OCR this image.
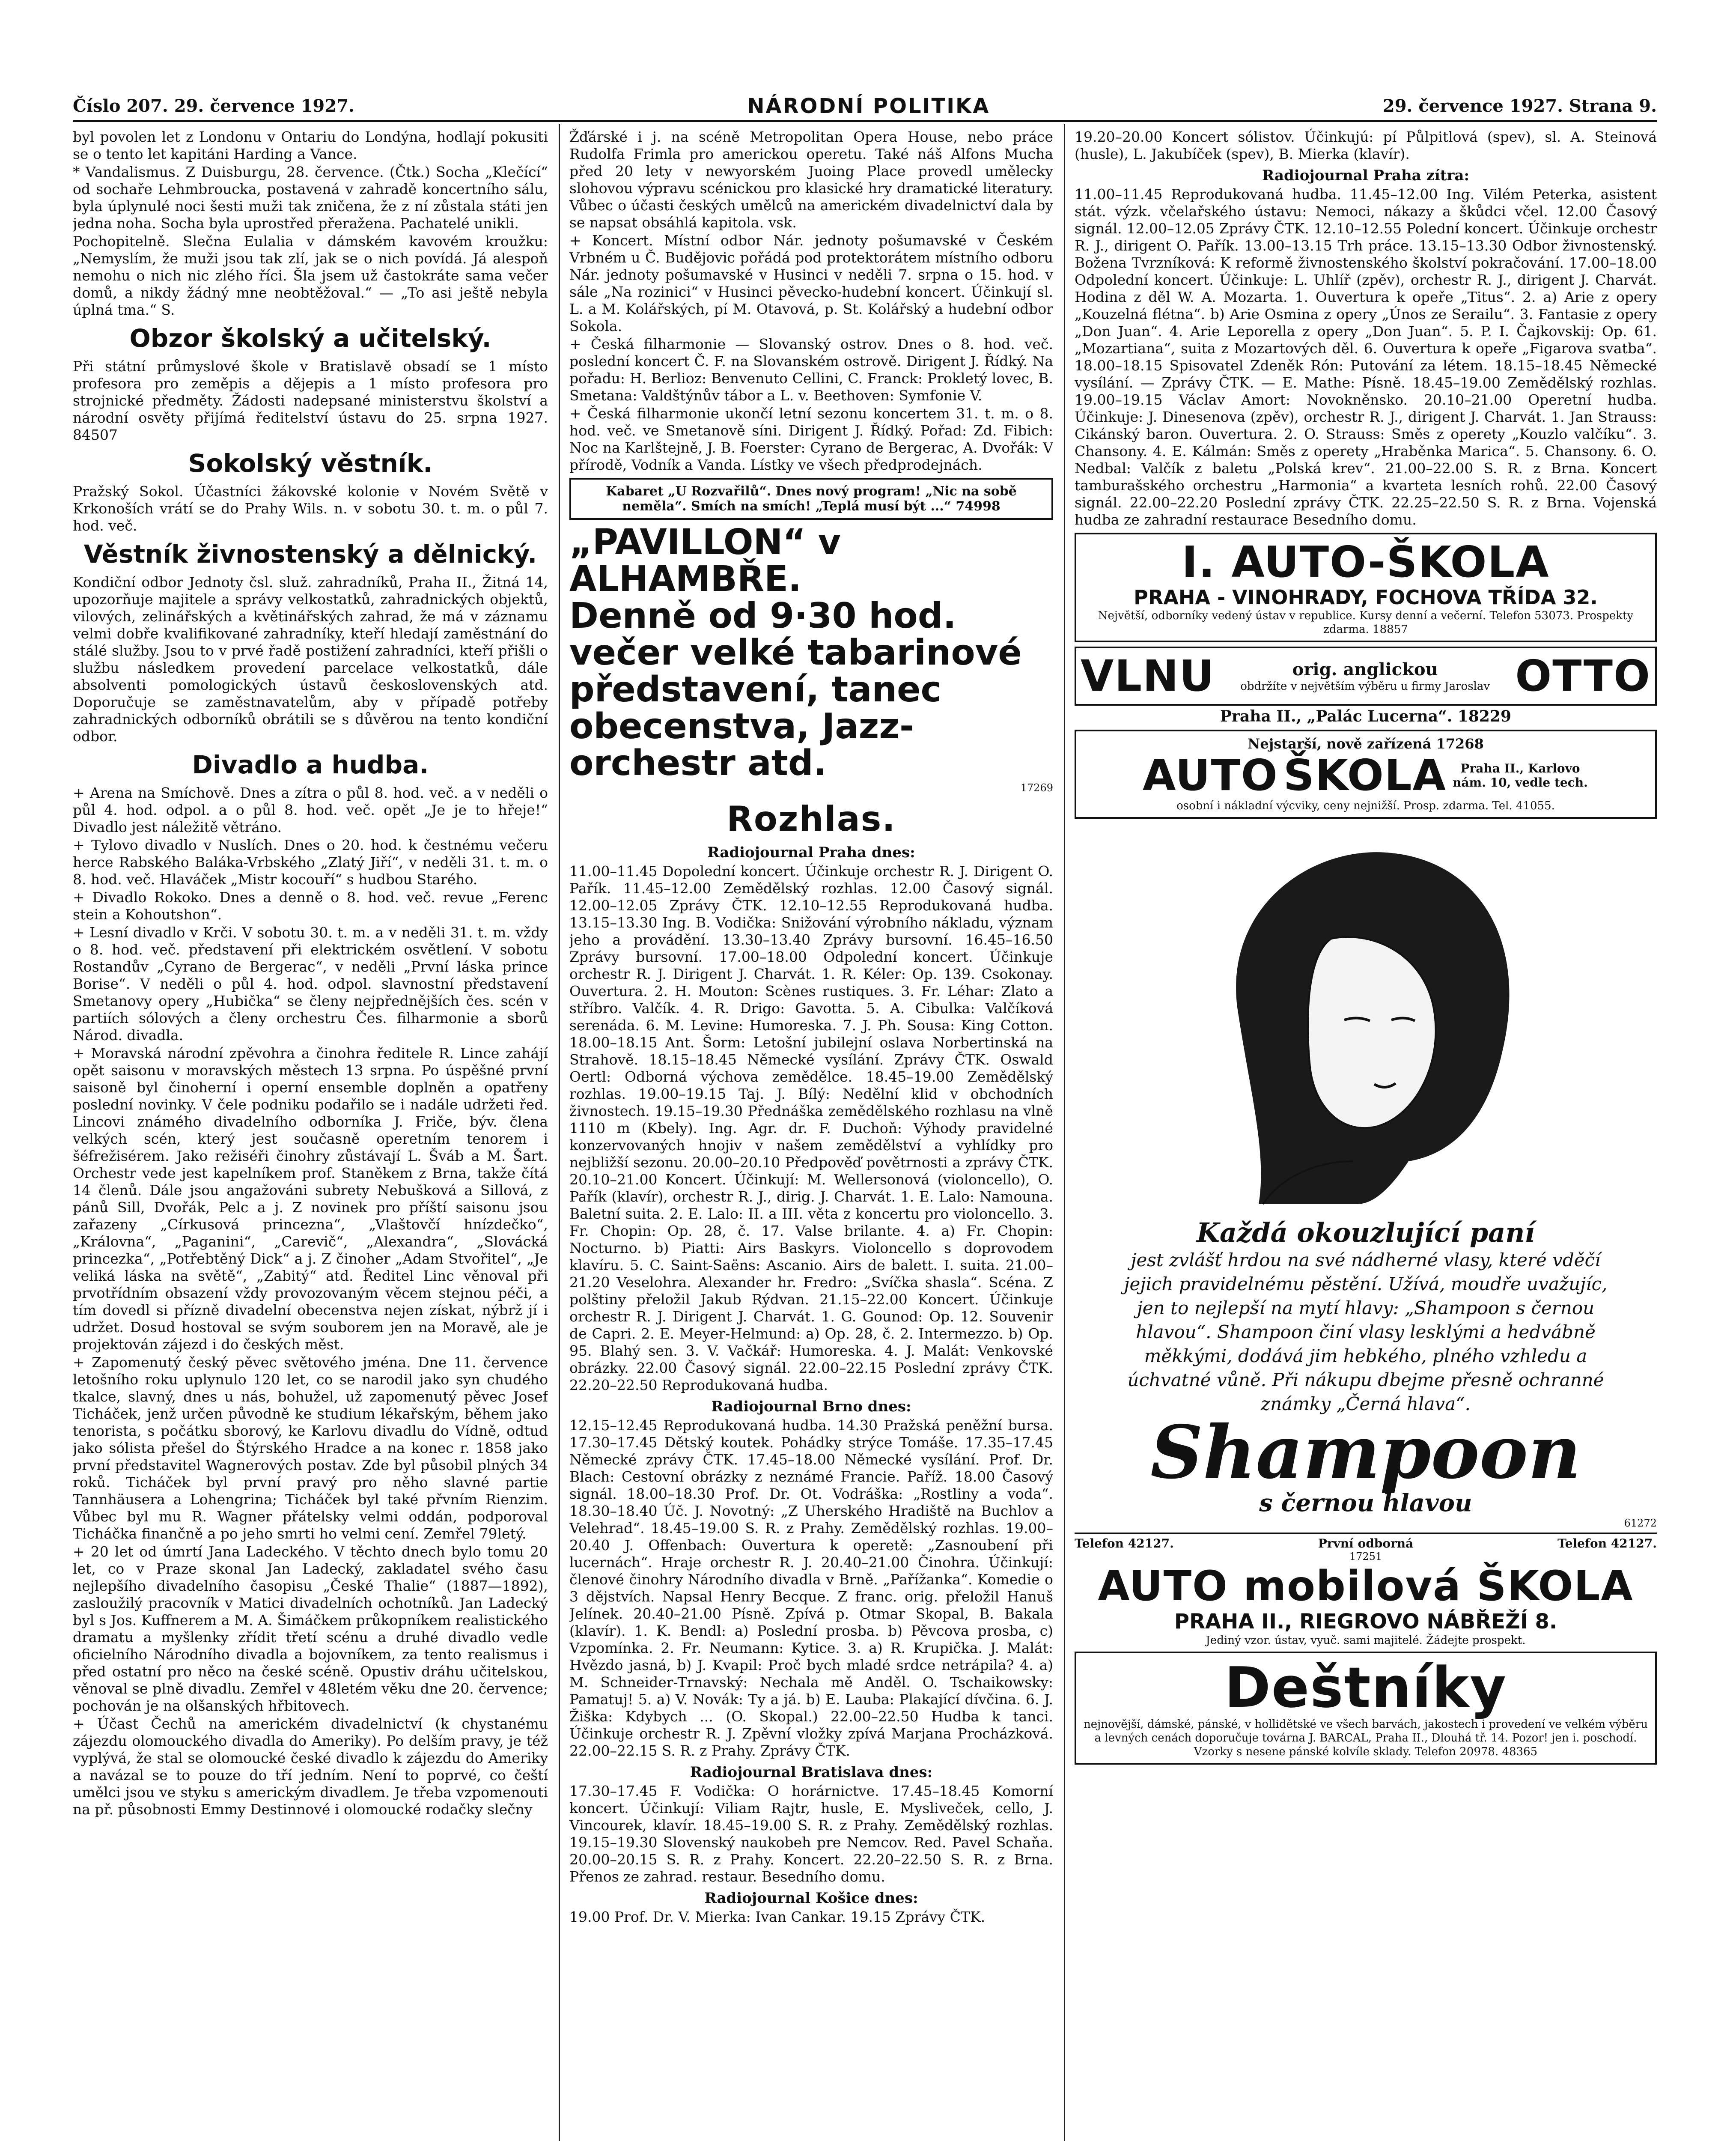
Číslo 207. 29. července 1927.	NÁRODNÍ POLITIKA	29. července 1927. Strana 9.

byl povolen let z Londonu v Ontariu do Londýna, hodlají pokusiti se o tento let kapitáni Harding a Vance.

* Vandalismus. Z Duisburgu, 28. července. (Čtk.) Socha „Klečící“ od sochaře Lehmbroucka, postavená v zahradě koncertního sálu, byla úplynulé noci šesti muži tak zničena, že z ní zůstala státi jen jedna noha. Socha byla uprostřed přeražena. Pachatelé unikli.

Pochopitelně. Slečna Eulalia v dámském kavovém kroužku: „Nemyslím, že muži jsou tak zlí, jak se o nich povídá. Já alespoň nemohu o nich nic zlého říci. Šla jsem už častokráte sama večer domů, a nikdy žádný mne neobtěžoval.“ — „To asi ještě nebyla úplná tma.“ S.

Obzor školský a učitelský.

Při státní průmyslové škole v Bratislavě obsadí se 1 místo profesora pro zeměpis a dějepis a 1 místo profesora pro strojnické předměty. Žádosti nadepsané ministerstvu školství a národní osvěty přijímá ředitelství ústavu do 25. srpna 1927. 84507

Sokolský věstník.

Pražský Sokol. Účastníci žákovské kolonie v Novém Světě v Krkonoších vrátí se do Prahy Wils. n. v sobotu 30. t. m. o půl 7. hod. več.

Věstník živnostenský a dělnický.

Kondiční odbor Jednoty čsl. služ. zahradníků, Praha II., Žitná 14, upozorňuje majitele a správy velkostatků, zahradnických objektů, vilových, zelinářských a květinářských zahrad, že má v záznamu velmi dobře kvalifikované zahradníky, kteří hledají zaměstnání do stálé služby. Jsou to v prvé řadě postižení zahradníci, kteří přišli o službu následkem provedení parcelace velkostatků, dále absolventi pomologických ústavů československých atd. Doporučuje se zaměstnavatelům, aby v případě potřeby zahradnických odborníků obrátili se s důvěrou na tento kondiční odbor.

Divadlo a hudba.

+ Arena na Smíchově. Dnes a zítra o půl 8. hod. več. a v neděli o půl 4. hod. odpol. a o půl 8. hod. več. opět „Je je to hřeje!“ Divadlo jest náležitě větráno.

+ Tylovo divadlo v Nuslích. Dnes o 20. hod. k čestnému večeru herce Rabského Baláka-Vrbského „Zlatý Jiří“, v neděli 31. t. m. o 8. hod. več. Hlaváček „Mistr kocouří“ s hudbou Starého.

+ Divadlo Rokoko. Dnes a denně o 8. hod. več. revue „Ferenc stein a Kohoutshon“.

+ Lesní divadlo v Krči. V sobotu 30. t. m. a v neděli 31. t. m. vždy o 8. hod. več. představení při elektrickém osvětlení. V sobotu Rostandův „Cyrano de Bergerac“, v neděli „První láska prince Borise“. V neděli o půl 4. hod. odpol. slavnostní představení Smetanovy opery „Hubička“ se členy nejpřednějších čes. scén v partiích sólových a členy orchestru Čes. filharmonie a sborů Národ. divadla.

+ Moravská národní zpěvohra a činohra ředitele R. Lince zahájí opět saisonu v moravských městech 13 srpna. Po úspěšné první saisoně byl činoherní i operní ensemble doplněn a opatřeny poslední novinky. V čele podniku podařilo se i nadále udržeti řed. Lincovi známého divadelního odborníka J. Friče, býv. člena velkých scén, který jest současně operetním tenorem i šéfrežisérem. Jako režiséři činohry zůstávají L. Šváb a M. Šart. Orchestr vede jest kapelníkem prof. Staněkem z Brna, takže čítá 14 členů. Dále jsou angažováni subrety Nebušková a Sillová, z pánů Sill, Dvořák, Pelc a j. Z novinek pro příští saisonu jsou zařazeny „Církusová princezna“, „Vlaštovčí hnízdečko“, „Královna“, „Paganini“, „Carevič“, „Alexandra“, „Slovácká princezka“, „Potřebtěný Dick“ a j. Z činoher „Adam Stvořitel“, „Je veliká láska na světě“, „Zabitý“ atd. Ředitel Linc věnoval při prvotřídním obsazení vždy provozovaným věcem stejnou péči, a tím dovedl si přízně divadelní obecenstva nejen získat, nýbrž jí i udržet. Dosud hostoval se svým souborem jen na Moravě, ale je projektován zájezd i do českých měst.

+ Zapomenutý český pěvec světového jména. Dne 11. července letošního roku uplynulo 120 let, co se narodil jako syn chudého tkalce, slavný, dnes u nás, bohužel, už zapomenutý pěvec Josef Ticháček, jenž určen původně ke studium lékařským, během jako tenorista, s počátku sborový, ke Karlovu divadlu do Vídně, odtud jako sólista přešel do Štýrského Hradce a na konec r. 1858 jako první představitel Wagnerových postav. Zde byl působil plných 34 roků. Ticháček byl první pravý pro něho slavné partie Tannhäusera a Lohengrina; Ticháček byl také přvním Rienzim. Vůbec byl mu R. Wagner přátelsky velmi oddán, podporoval Ticháčka finančně a po jeho smrti ho velmi cení. Zemřel 79letý.

+ 20 let od úmrtí Jana Ladeckého. V těchto dnech bylo tomu 20 let, co v Praze skonal Jan Ladecký, zakladatel svého času nejlepšího divadelního časopisu „České Thalie“ (1887—1892), zasloužilý pracovník v Matici divadelních ochotníků. Jan Ladecký byl s Jos. Kuffnerem a M. A. Šimáčkem průkopníkem realistického dramatu a myšlenky zřídit třetí scénu a druhé divadlo vedle oficielního Národního divadla a bojovníkem, za tento realismus i před ostatní pro něco na české scéně. Opustiv dráhu učitelskou, věnoval se plně divadlu. Zemřel v 48letém věku dne 20. července; pochován je na olšanských hřbitovech.

+ Účast Čechů na americkém divadelnictví (k chystanému zájezdu olomouckého divadla do Ameriky). Po delším pravy, je též vyplývá, že stal se olomoucké české divadlo k zájezdu do Ameriky a navázal se to pouze do tří jedním. Není to poprvé, co čeští umělci jsou ve styku s americkým divadlem. Je třeba vzpomenouti na př. působnosti Emmy Destinnové i olomoucké rodačky slečny

Žďárské i j. na scéně Metropolitan Opera House, nebo práce Rudolfa Frimla pro americkou operetu. Také náš Alfons Mucha před 20 lety v newyorském Juoing Place provedl umělecky slohovou výpravu scénickou pro klasické hry dramatické literatury. Vůbec o účasti českých umělců na americkém divadelnictví dala by se napsat obsáhlá kapitola. vsk.

+ Koncert. Místní odbor Nár. jednoty pošumavské v Českém Vrbném u Č. Budějovic pořádá pod protektorátem místního odboru Nár. jednoty pošumavské v Husinci v neděli 7. srpna o 15. hod. v sále „Na rozinici“ v Husinci pěvecko-hudební koncert. Účinkují sl. L. a M. Kolářských, pí M. Otavová, p. St. Kolářský a hudební odbor Sokola.

+ Česká filharmonie — Slovanský ostrov. Dnes o 8. hod. več. poslední koncert Č. F. na Slovanském ostrově. Dirigent J. Řídký. Na pořadu: H. Berlioz: Benvenuto Cellini, C. Franck: Prokletý lovec, B. Smetana: Valdštýnův tábor a L. v. Beethoven: Symfonie V.

+ Česká filharmonie ukončí letní sezonu koncertem 31. t. m. o 8. hod. več. ve Smetanově síni. Dirigent J. Řídký. Pořad: Zd. Fibich: Noc na Karlštejně, J. B. Foerster: Cyrano de Bergerac, A. Dvořák: V přírodě, Vodník a Vanda. Lístky ve všech předprodejnách.

Kabaret „U Rozvařilů“. Dnes nový program! „Nic na sobě neměla“. Smích na smích! „Teplá musí být ...“ 74998
„PAVILLON“ v ALHAMBŘE.
Denně od 9·30 hod. večer velké tabarinové představení, tanec obecenstva, Jazz-orchestr atd.
17269
Rozhlas.
Radiojournal Praha dnes:

11.00–11.45 Dopolední koncert. Účinkuje orchestr R. J. Dirigent O. Pařík. 11.45–12.00 Zemědělský rozhlas. 12.00 Časový signál. 12.00–12.05 Zprávy ČTK. 12.10–12.55 Reprodukovaná hudba. 13.15–13.30 Ing. B. Vodička: Snižování výrobního nákladu, význam jeho a provádění. 13.30–13.40 Zprávy bursovní. 16.45–16.50 Zprávy bursovní. 17.00–18.00 Odpolední koncert. Účinkuje orchestr R. J. Dirigent J. Charvát. 1. R. Kéler: Op. 139. Csokonay. Ouvertura. 2. H. Mouton: Scènes rustiques. 3. Fr. Léhar: Zlato a stříbro. Valčík. 4. R. Drigo: Gavotta. 5. A. Cibulka: Valčíková serenáda. 6. M. Levine: Humoreska. 7. J. Ph. Sousa: King Cotton. 18.00–18.15 Ant. Šorm: Letošní jubilejní oslava Norbertinská na Strahově. 18.15–18.45 Německé vysílání. Zprávy ČTK. Oswald Oertl: Odborná výchova zemědělce. 18.45–19.00 Zemědělský rozhlas. 19.00–19.15 Taj. J. Bílý: Nedělní klid v obchodních živnostech. 19.15–19.30 Přednáška zemědělského rozhlasu na vlně 1110 m (Kbely). Ing. Agr. dr. F. Duchoň: Výhody pravidelné konzervovaných hnojiv v našem zemědělství a vyhlídky pro nejbližší sezonu. 20.00–20.10 Předpověď povětrnosti a zprávy ČTK. 20.10–21.00 Koncert. Účinkují: M. Wellersonová (violoncello), O. Pařík (klavír), orchestr R. J., dirig. J. Charvát. 1. E. Lalo: Namouna. Baletní suita. 2. E. Lalo: II. a III. věta z koncertu pro violoncello. 3. Fr. Chopin: Op. 28, č. 17. Valse brilante. 4. a) Fr. Chopin: Nocturno. b) Piatti: Airs Baskyrs. Violoncello s doprovodem klavíru. 5. C. Saint-Saëns: Ascanio. Airs de balett. I. suita. 21.00–21.20 Veselohra. Alexander hr. Fredro: „Svíčka shasla“. Scéna. Z polštiny přeložil Jakub Rýdvan. 21.15–22.00 Koncert. Účinkuje orchestr R. J. Dirigent J. Charvát. 1. G. Gounod: Op. 12. Souvenir de Capri. 2. E. Meyer-Helmund: a) Op. 28, č. 2. Intermezzo. b) Op. 95. Blahý sen. 3. V. Vačkář: Humoreska. 4. J. Malát: Venkovské obrázky. 22.00 Časový signál. 22.00–22.15 Poslední zprávy ČTK. 22.20–22.50 Reprodukovaná hudba.

Radiojournal Brno dnes:

12.15–12.45 Reprodukovaná hudba. 14.30 Pražská peněžní bursa. 17.30–17.45 Dětský koutek. Pohádky strýce Tomáše. 17.35–17.45 Německé zprávy ČTK. 17.45–18.00 Německé vysílání. Prof. Dr. Blach: Cestovní obrázky z neznámé Francie. Paříž. 18.00 Časový signál. 18.00–18.30 Prof. Dr. Ot. Vodráška: „Rostliny a voda“. 18.30–18.40 Úč. J. Novotný: „Z Uherského Hradiště na Buchlov a Velehrad“. 18.45–19.00 S. R. z Prahy. Zemědělský rozhlas. 19.00–20.40 J. Offenbach: Ouvertura k operetě: „Zasnoubení při lucernách“. Hraje orchestr R. J. 20.40–21.00 Činohra. Účinkují: členové činohry Národního divadla v Brně. „Pařížanka“. Komedie o 3 dějstvích. Napsal Henry Becque. Z franc. orig. přeložil Hanuš Jelínek. 20.40–21.00 Písně. Zpívá p. Otmar Skopal, B. Bakala (klavír). 1. K. Bendl: a) Poslední prosba. b) Pěvcova prosba, c) Vzpomínka. 2. Fr. Neumann: Kytice. 3. a) R. Krupička. J. Malát: Hvězdo jasná, b) J. Kvapil: Proč bych mladé srdce netrápila? 4. a) M. Schneider-Trnavský: Nechala mě Anděl. O. Tschaikowsky: Pamatuj! 5. a) V. Novák: Ty a já. b) E. Lauba: Plakající dívčina. 6. J. Žiška: Kdybych ... (O. Skopal.) 22.00–22.50 Hudba k tanci. Účinkuje orchestr R. J. Zpěvní vložky zpívá Marjana Procházková. 22.00–22.15 S. R. z Prahy. Zprávy ČTK.

Radiojournal Bratislava dnes:

17.30–17.45 F. Vodička: O horárnictve. 17.45–18.45 Komorní koncert. Účinkují: Viliam Rajtr, husle, E. Mysliveček, cello, J. Vincourek, klavír. 18.45–19.00 S. R. z Prahy. Zemědělský rozhlas. 19.15–19.30 Slovenský naukobeh pre Nemcov. Red. Pavel Schaňa. 20.00–20.15 S. R. z Prahy. Koncert. 22.20–22.50 S. R. z Brna. Přenos ze zahrad. restaur. Besedního domu.

Radiojournal Košice dnes:

19.00 Prof. Dr. V. Mierka: Ivan Cankar. 19.15 Zprávy ČTK.

19.20–20.00 Koncert sólistov. Účinkujú: pí Půlpitlová (spev), sl. A. Steinová (husle), L. Jakubíček (spev), B. Mierka (klavír).

Radiojournal Praha zítra:

11.00–11.45 Reprodukovaná hudba. 11.45–12.00 Ing. Vilém Peterka, asistent stát. výzk. včelařského ústavu: Nemoci, nákazy a škůdci včel. 12.00 Časový signál. 12.00–12.05 Zprávy ČTK. 12.10–12.55 Polední koncert. Účinkuje orchestr R. J., dirigent O. Pařík. 13.00–13.15 Trh práce. 13.15–13.30 Odbor živnostenský. Božena Tvrzníková: K reformě živnostenského školství pokračování. 17.00–18.00 Odpolední koncert. Účinkuje: L. Uhlíř (zpěv), orchestr R. J., dirigent J. Charvát. Hodina z děl W. A. Mozarta. 1. Ouvertura k opeře „Titus“. 2. a) Arie z opery „Kouzelná flétna“. b) Arie Osmina z opery „Únos ze Serailu“. 3. Fantasie z opery „Don Juan“. 4. Arie Leporella z opery „Don Juan“. 5. P. I. Čajkovskij: Op. 61. „Mozartiana“, suita z Mozartových děl. 6. Ouvertura k opeře „Figarova svatba“. 18.00–18.15 Spisovatel Zdeněk Rón: Putování za létem. 18.15–18.45 Německé vysílání. — Zprávy ČTK. — E. Mathe: Písně. 18.45–19.00 Zemědělský rozhlas. 19.00–19.15 Václav Amort: Novokněnsko. 20.10–21.00 Operetní hudba. Účinkuje: J. Dinesenova (zpěv), orchestr R. J., dirigent J. Charvát. 1. Jan Strauss: Cikánský baron. Ouvertura. 2. O. Strauss: Směs z operety „Kouzlo valčíku“. 3. Chansony. 4. E. Kálmán: Směs z operety „Hraběnka Marica“. 5. Chansony. 6. O. Nedbal: Valčík z baletu „Polská krev“. 21.00–22.00 S. R. z Brna. Koncert tamburašského orchestru „Harmonia“ a kvarteta lesních rohů. 22.00 Časový signál. 22.00–22.20 Poslední zprávy ČTK. 22.25–22.50 S. R. z Brna. Vojenská hudba ze zahradní restaurace Besedního domu.

I. AUTO-ŠKOLA
PRAHA - VINOHRADY, FOCHOVA TŘÍDA 32.
Největší, odborníky vedený ústav v republice. Kursy denní a večerní. Telefon 53073. Prospekty zdarma. 18857
VLNU	orig. anglickou
obdržíte v největším výběru u firmy Jaroslav OTTO
Praha II., „Palác Lucerna“. 18229
Nejstarší, nově zařízená 17268
AUTO ŠKOLA	Praha II., Karlovo nám. 10, vedle tech.
osobní i nákladní výcviky, ceny nejnižší. Prosp. zdarma. Tel. 41055.
Každá okouzlující paní
jest zvlášť hrdou na své nádherné vlasy, které vděčí jejich pravidelnému pěstění. Užívá, moudře uvažujíc, jen to nejlepší na mytí hlavy: „Shampoon s černou hlavou“. Shampoon činí vlasy lesklými a hedvábně měkkými, dodává jim hebkého, plného vzhledu a úchvatné vůně. Při nákupu dbejme přesně ochranné známky „Černá hlava“.
Shampoon
s černou hlavou
61272
Telefon 42127.	První odborná	Telefon 42127.
17251
AUTO mobilová ŠKOLA
PRAHA II., RIEGROVO NÁBŘEŽÍ 8.
Jediný vzor. ústav, vyuč. sami majitelé. Žádejte prospekt.
Deštníky
nejnovější, dámské, pánské, v hollidětské ve všech barvách, jakostech i provedení ve velkém výběru a levných cenách doporučuje továrna J. BARCAL, Praha II., Dlouhá tř. 14. Pozor! jen i. poschodí. Vzorky s nesene pánské kolvíle sklady. Telefon 20978. 48365
